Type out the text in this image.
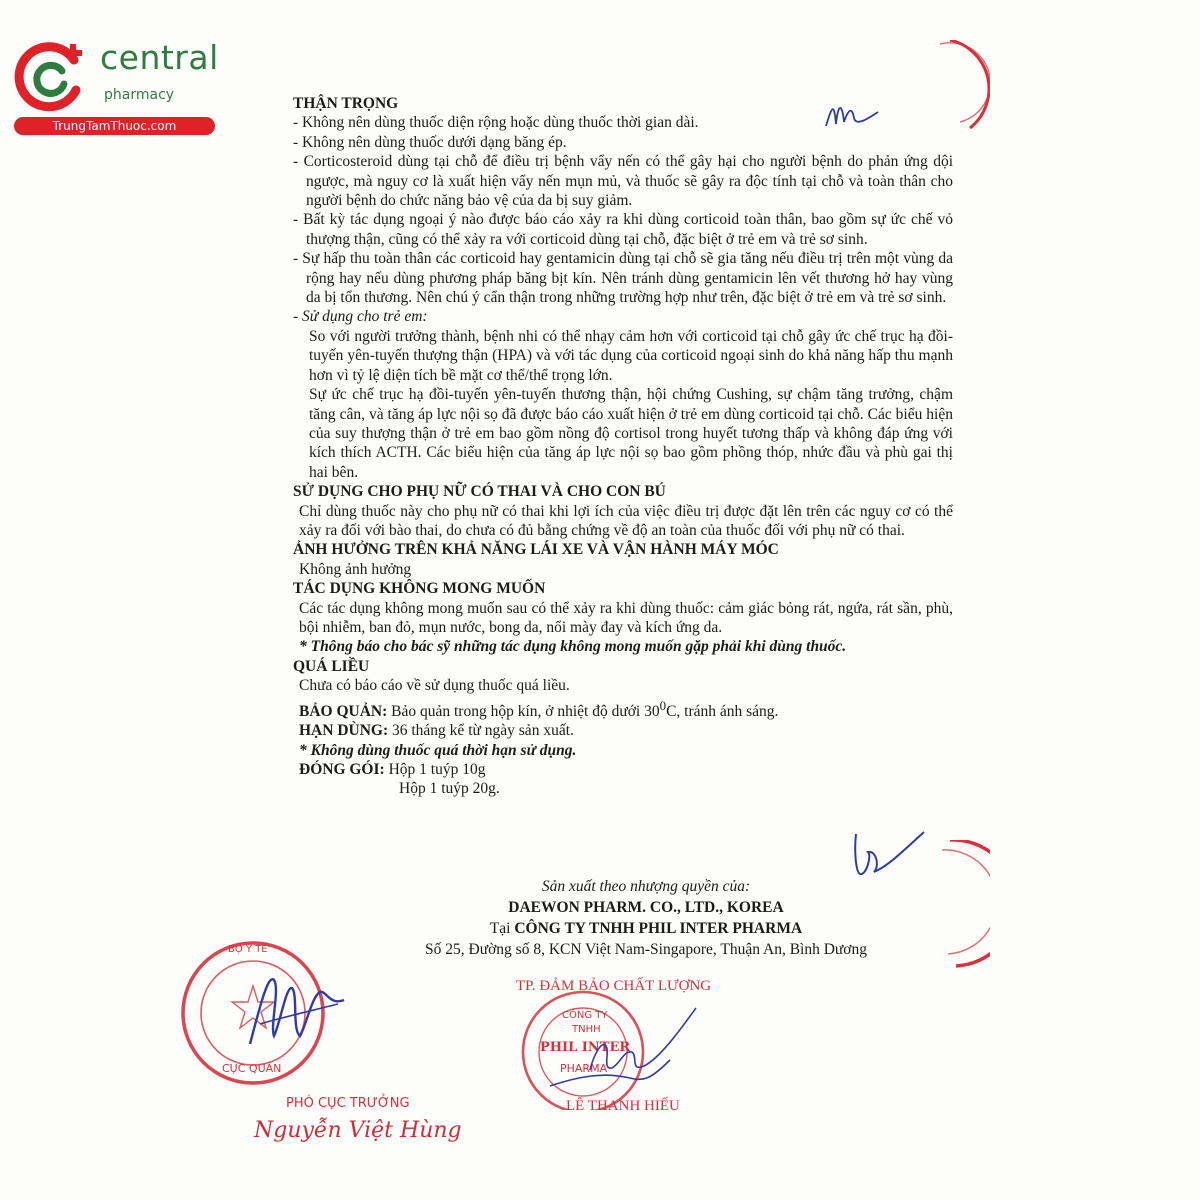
central
pharmacy
TrungTamThuoc.com
THẬN TRỌNG

- Không nên dùng thuốc diện rộng hoặc dùng thuốc thời gian dài.

- Không nên dùng thuốc dưới dạng băng ép.

- Corticosteroid dùng tại chỗ để điều trị bệnh vẩy nến có thể gây hại cho người bệnh do phản ứng dội ngược, mà nguy cơ là xuất hiện vẩy nến mụn mủ, và thuốc sẽ gây ra độc tính tại chỗ và toàn thân cho người bệnh do chức năng bảo vệ của da bị suy giảm.

- Bất kỳ tác dụng ngoại ý nào được báo cáo xảy ra khi dùng corticoid toàn thân, bao gồm sự ức chế vỏ thượng thận, cũng có thể xảy ra với corticoid dùng tại chỗ, đặc biệt ở trẻ em và trẻ sơ sinh.

- Sự hấp thu toàn thân các corticoid hay gentamicin dùng tại chỗ sẽ gia tăng nếu điều trị trên một vùng da rộng hay nếu dùng phương pháp băng bịt kín. Nên tránh dùng gentamicin lên vết thương hở hay vùng da bị tổn thương. Nên chú ý cẩn thận trong những trường hợp như trên, đặc biệt ở trẻ em và trẻ sơ sinh.

- Sử dụng cho trẻ em:

So với người trưởng thành, bệnh nhi có thể nhạy cảm hơn với corticoid tại chỗ gây ức chế trục hạ đồi-tuyến yên-tuyến thượng thận (HPA) và với tác dụng của corticoid ngoại sinh do khả năng hấp thu mạnh hơn vì tỷ lệ diện tích bề mặt cơ thể/thể trọng lớn.

Sự ức chế trục hạ đồi-tuyến yên-tuyến thương thận, hội chứng Cushing, sự chậm tăng trưởng, chậm tăng cân, và tăng áp lực nội sọ đã được báo cáo xuất hiện ở trẻ em dùng corticoid tại chỗ. Các biểu hiện của suy thượng thận ở trẻ em bao gồm nồng độ cortisol trong huyết tương thấp và không đáp ứng với kích thích ACTH. Các biểu hiện của tăng áp lực nội sọ bao gồm phồng thóp, nhức đầu và phù gai thị hai bên.

SỬ DỤNG CHO PHỤ NỮ CÓ THAI VÀ CHO CON BÚ

Chỉ dùng thuốc này cho phụ nữ có thai khi lợi ích của việc điều trị được đặt lên trên các nguy cơ có thể xảy ra đối với bào thai, do chưa có đủ bằng chứng về độ an toàn của thuốc đối với phụ nữ có thai.

ẢNH HƯỞNG TRÊN KHẢ NĂNG LÁI XE VÀ VẬN HÀNH MÁY MÓC

Không ảnh hưởng

TÁC DỤNG KHÔNG MONG MUỐN

Các tác dụng không mong muốn sau có thể xảy ra khi dùng thuốc: cảm giác bỏng rát, ngứa, rát sần, phù, bội nhiễm, ban đỏ, mụn nước, bong da, nổi mày đay và kích ứng da.

* Thông báo cho bác sỹ những tác dụng không mong muốn gặp phải khi dùng thuốc.

QUÁ LIỀU

Chưa có báo cáo về sử dụng thuốc quá liều.

BẢO QUẢN: Bảo quản trong hộp kín, ở nhiệt độ dưới $30^0C$, tránh ánh sáng.

HẠN DÙNG: 36 tháng kể từ ngày sản xuất.

* Không dùng thuốc quá thời hạn sử dụng.

ĐÓNG GÓI: Hộp 1 tuýp 10g

Hộp 1 tuýp 20g.

Sản xuất theo nhượng quyền của:
DAEWON PHARM. CO., LTD., KOREA
Tại CÔNG TY TNHH PHIL INTER PHARMA
Số 25, Đường số 8, KCN Việt Nam-Singapore, Thuận An, Bình Dương
BỘ Y TẾ
CỤC QUẢN
PHÓ CỤC TRƯỞNG
Nguyễn Việt Hùng
TP. ĐẢM BẢO CHẤT LƯỢNG
CÔNG TY
TNHH
PHIL INTER
PHARMA
LÊ THANH HIẾU
